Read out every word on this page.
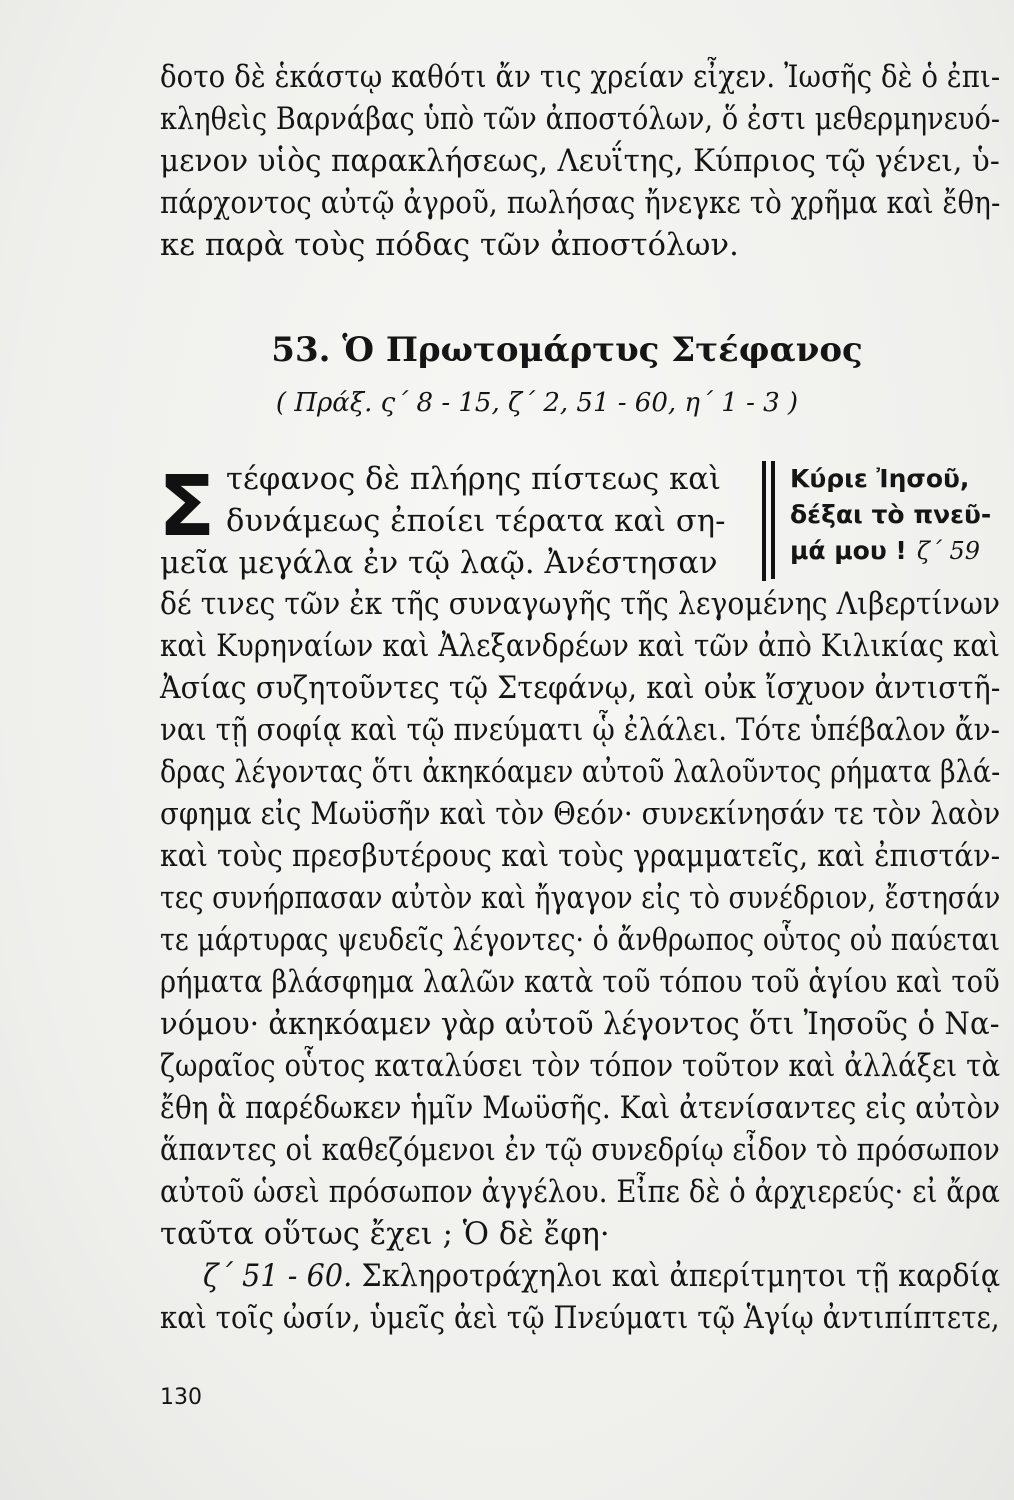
δοτο δὲ ἑκάστῳ καθότι ἄν τις χρείαν εἶχεν. Ἰωσῆς δὲ ὁ ἐπι-
κληθεὶς Βαρνάβας ὑπὸ τῶν ἀποστόλων, ὅ ἐστι μεθερμηνευό-
μενον υἱὸς παρακλήσεως, Λευΐτης, Κύπριος τῷ γένει, ὑ-
πάρχοντος αὐτῷ ἀγροῦ, πωλήσας ἤνεγκε τὸ χρῆμα καὶ ἔθη-
κε παρὰ τοὺς πόδας τῶν ἀποστόλων.
53. Ὁ Πρωτομάρτυς Στέφανος
( Πράξ. ς΄ 8 - 15, ζ΄ 2, 51 - 60, η΄ 1 - 3 )
Σ τέφανος δὲ πλήρης πίστεως καὶ
δυνάμεως ἐποίει τέρατα καὶ ση-
μεῖα μεγάλα ἐν τῷ λαῷ. Ἀνέστησαν
Κύριε Ἰησοῦ,
δέξαι τὸ πνεῦ-
μά μου ! ζ΄ 59
δέ τινες τῶν ἐκ τῆς συναγωγῆς τῆς λεγομένης Λιβερτίνων
καὶ Κυρηναίων καὶ Ἀλεξανδρέων καὶ τῶν ἀπὸ Κιλικίας καὶ
Ἀσίας συζητοῦντες τῷ Στεφάνῳ, καὶ οὐκ ἴσχυον ἀντιστῆ-
ναι τῇ σοφίᾳ καὶ τῷ πνεύματι ᾧ ἐλάλει. Τότε ὑπέβαλον ἄν-
δρας λέγοντας ὅτι ἀκηκόαμεν αὐτοῦ λαλοῦντος ρήματα βλά-
σφημα εἰς Μωϋσῆν καὶ τὸν Θεόν· συνεκίνησάν τε τὸν λαὸν
καὶ τοὺς πρεσβυτέρους καὶ τοὺς γραμματεῖς, καὶ ἐπιστάν-
τες συνήρπασαν αὐτὸν καὶ ἤγαγον εἰς τὸ συνέδριον, ἔστησάν
τε μάρτυρας ψευδεῖς λέγοντες· ὁ ἄνθρωπος οὗτος οὐ παύεται
ρήματα βλάσφημα λαλῶν κατὰ τοῦ τόπου τοῦ ἁγίου καὶ τοῦ
νόμου· ἀκηκόαμεν γὰρ αὐτοῦ λέγοντος ὅτι Ἰησοῦς ὁ Να-
ζωραῖος οὗτος καταλύσει τὸν τόπον τοῦτον καὶ ἀλλάξει τὰ
ἔθη ἃ παρέδωκεν ἡμῖν Μωϋσῆς. Καὶ ἀτενίσαντες εἰς αὐτὸν
ἅπαντες οἱ καθεζόμενοι ἐν τῷ συνεδρίῳ εἶδον τὸ πρόσωπον
αὐτοῦ ὡσεὶ πρόσωπον ἀγγέλου. Εἶπε δὲ ὁ ἀρχιερεύς· εἰ ἄρα
ταῦτα οὕτως ἔχει ; Ὁ δὲ ἔφη·
ζ΄ 51 - 60. Σκληροτράχηλοι καὶ ἀπερίτμητοι τῇ καρδίᾳ
καὶ τοῖς ὠσίν, ὑμεῖς ἀεὶ τῷ Πνεύματι τῷ Ἁγίῳ ἀντιπίπτετε,
130
